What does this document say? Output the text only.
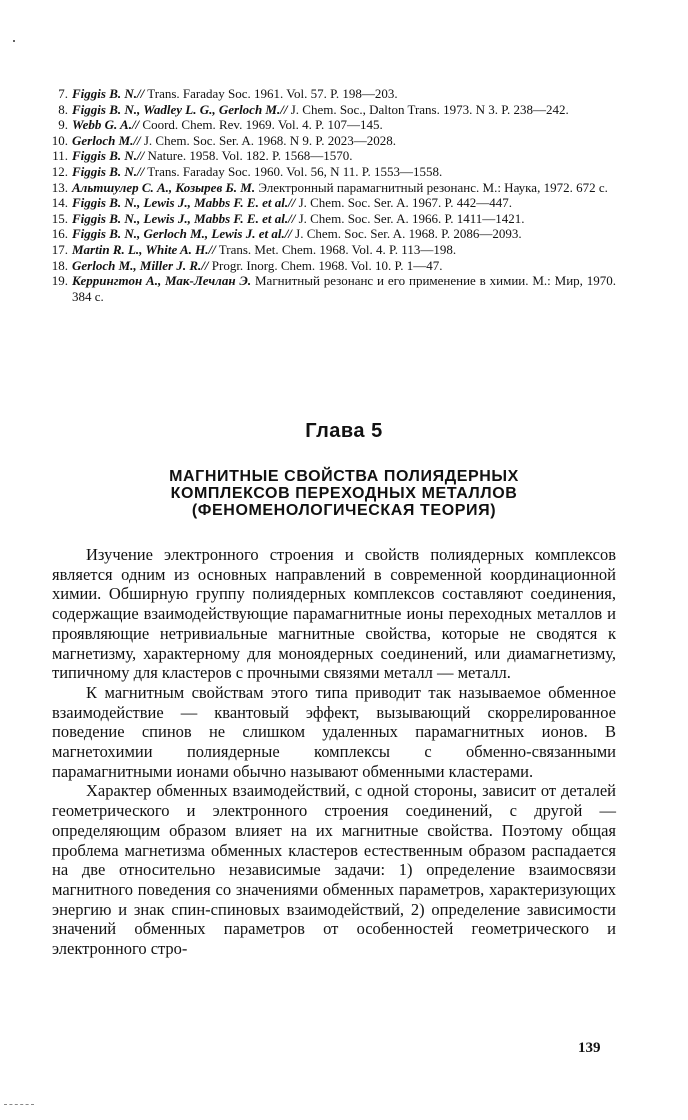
7. Figgis B. N.// Trans. Faraday Soc. 1961. Vol. 57. P. 198—203.
8. Figgis B. N., Wadley L. G., Gerloch M.// J. Chem. Soc., Dalton Trans. 1973. N 3. P. 238—242.
9. Webb G. A.// Coord. Chem. Rev. 1969. Vol. 4. P. 107—145.
10. Gerloch M.// J. Chem. Soc. Ser. A. 1968. N 9. P. 2023—2028.
11. Figgis B. N.// Nature. 1958. Vol. 182. P. 1568—1570.
12. Figgis B. N.// Trans. Faraday Soc. 1960. Vol. 56, N 11. P. 1553—1558.
13. Альтшулер С. А., Козырев Б. М. Электронный парамагнитный резонанс. М.: Наука, 1972. 672 с.
14. Figgis B. N., Lewis J., Mabbs F. E. et al.// J. Chem. Soc. Ser. A. 1967. P. 442—447.
15. Figgis B. N., Lewis J., Mabbs F. E. et al.// J. Chem. Soc. Ser. A. 1966. P. 1411—1421.
16. Figgis B. N., Gerloch M., Lewis J. et al.// J. Chem. Soc. Ser. A. 1968. P. 2086—2093.
17. Martin R. L., White A. H.// Trans. Met. Chem. 1968. Vol. 4. P. 113—198.
18. Gerloch M., Miller J. R.// Progr. Inorg. Chem. 1968. Vol. 10. P. 1—47.
19. Керрингтон А., Мак-Лечлан Э. Магнитный резонанс и его применение в химии. М.: Мир, 1970. 384 с.
Глава 5
МАГНИТНЫЕ СВОЙСТВА ПОЛИЯДЕРНЫХ
КОМПЛЕКСОВ ПЕРЕХОДНЫХ МЕТАЛЛОВ
(ФЕНОМЕНОЛОГИЧЕСКАЯ ТЕОРИЯ)

Изучение электронного строения и свойств полиядерных комплексов является одним из основных направлений в современной координационной химии. Обширную группу полиядерных комплексов составляют соединения, содержащие взаимодействующие парамагнитные ионы переходных металлов и проявляющие нетривиальные магнитные свойства, которые не сводятся к магнетизму, характерному для моноядерных соединений, или диамагнетизму, типичному для кластеров с прочными связями металл — металл.

К магнитным свойствам этого типа приводит так называемое обменное взаимодействие — квантовый эффект, вызывающий скоррелированное поведение спинов не слишком удаленных парамагнитных ионов. В магнетохимии полиядерные комплексы с обменно-связанными парамагнитными ионами обычно называют обменными кластерами.

Характер обменных взаимодействий, с одной стороны, зависит от деталей геометрического и электронного строения соединений, с другой — определяющим образом влияет на их магнитные свойства. Поэтому общая проблема магнетизма обменных кластеров естественным образом распадается на две относительно независимые задачи: 1) определение взаимосвязи магнитного поведения со значениями обменных параметров, характеризующих энергию и знак спин-спиновых взаимодействий, 2) определение зависимости значений обменных параметров от особенностей геометрического и электронного стро-

139
